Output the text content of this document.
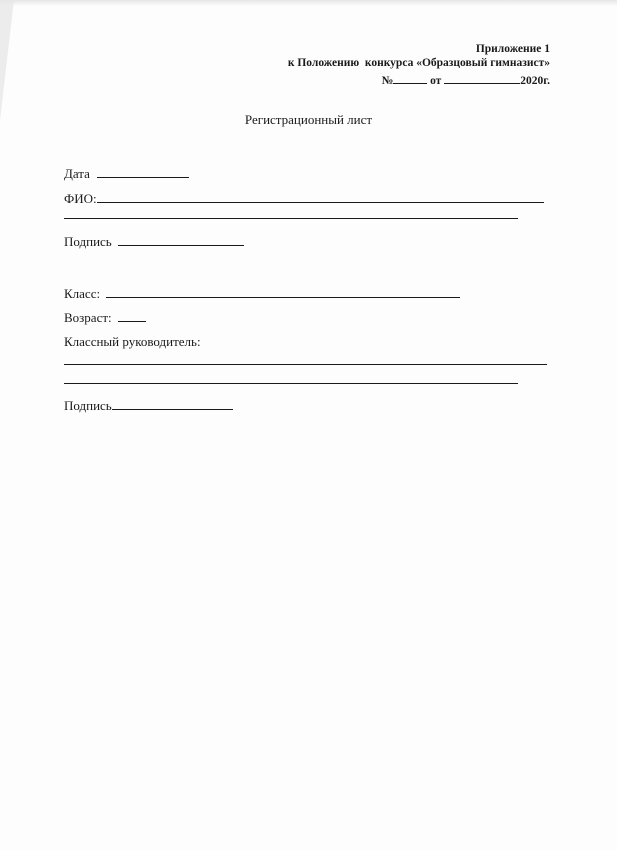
Приложение 1
к Положению  конкурса «Образцовый гимназист»
№	от	2020г.
Регистрационный лист
Дата
ФИО:
Подпись
Класс:
Возраст:
Классный руководитель:
Подпись
